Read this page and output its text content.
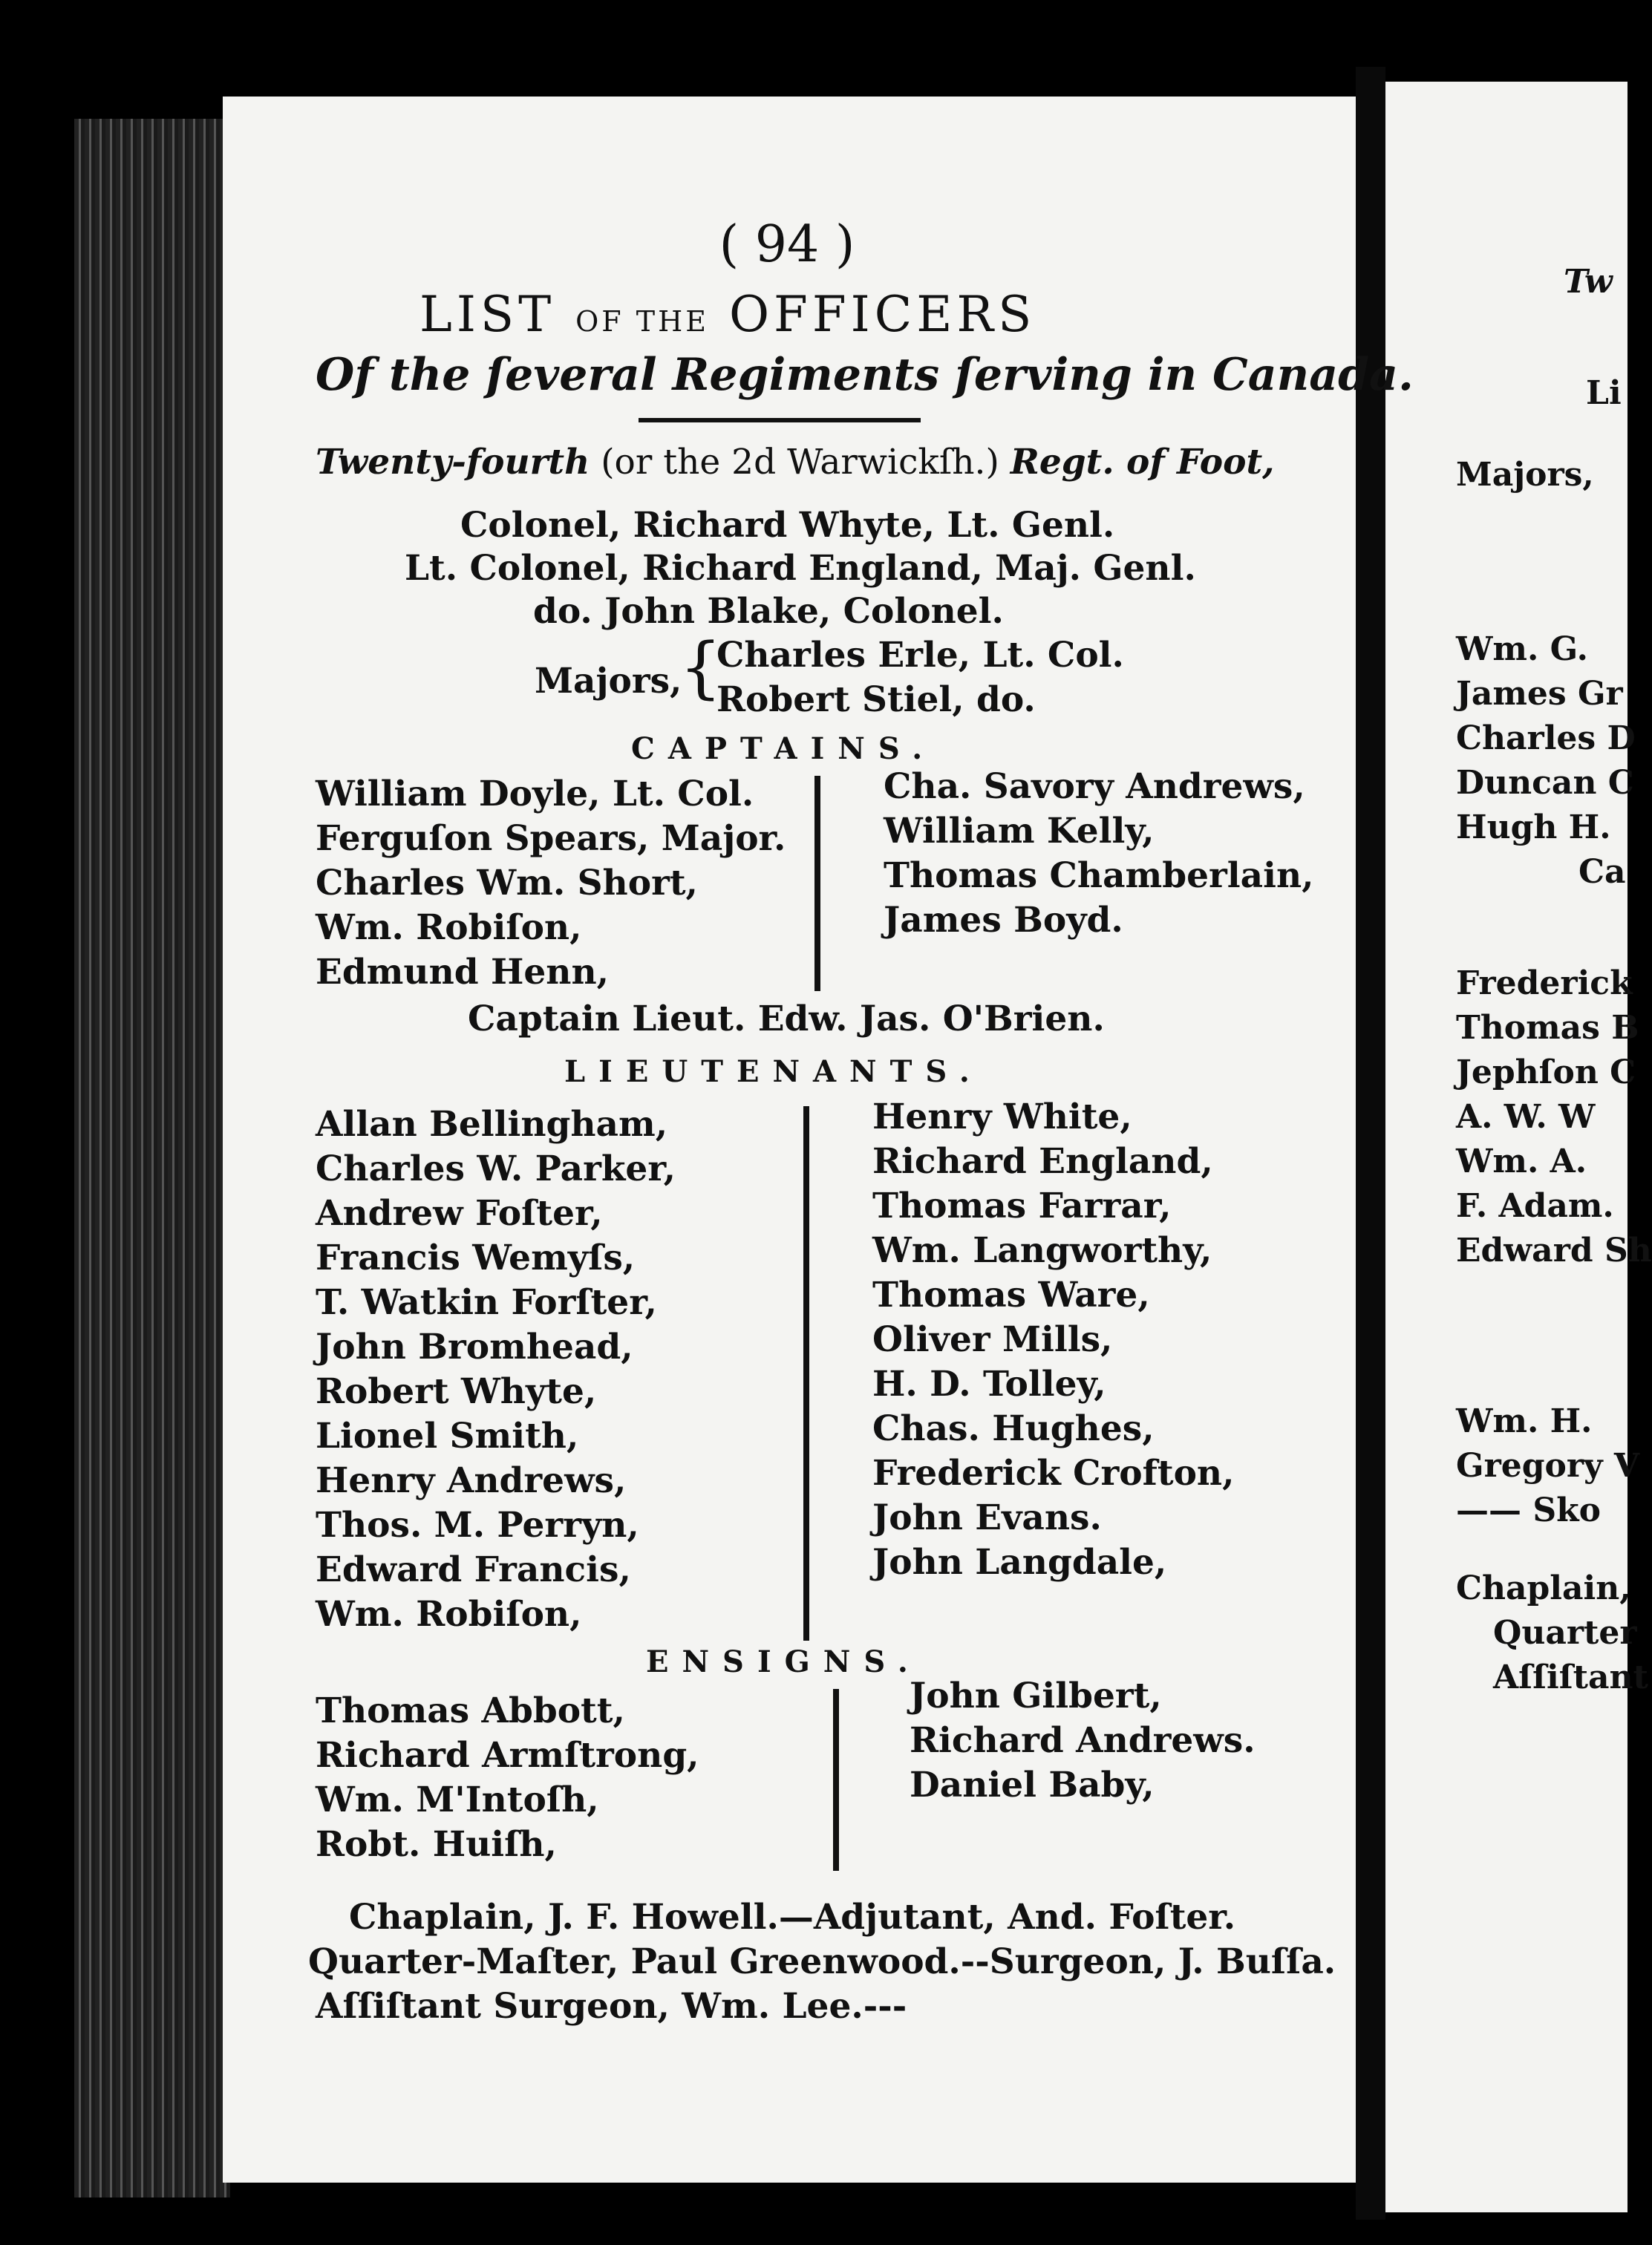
Tw
Li
Majors,
Wm. G.
James Gr
Charles D
Duncan C
Hugh H.
Ca
Frederick
Thomas B
Jephſon C
A. W. W
Wm. A.
F. Adam.
Edward Sh
Wm. H.
Gregory V
—— Sko
Chaplain,
Quarter
Aſſiſtant
( 94 )
LIST OF THE OFFICERS
Of the ſeveral Regiments ſerving in Canada.
Twenty-fourth (or the 2d Warwickſh.) Regt. of Foot,
Colonel, Richard Whyte, Lt. Genl.
Lt. Colonel, Richard England, Maj. Genl.
do. John Blake, Colonel.
Majors,
{
Charles Erle, Lt. Col.
Robert Stiel, do.
CAPTAINS.
William Doyle, Lt. Col.
Ferguſon Spears, Major.
Charles Wm. Short,
Wm. Robiſon,
Edmund Henn,
Cha. Savory Andrews,
William Kelly,
Thomas Chamberlain,
James Boyd.
Captain Lieut. Edw. Jas. O'Brien.
LIEUTENANTS.
Allan Bellingham,
Charles W. Parker,
Andrew Foſter,
Francis Wemyſs,
T. Watkin Forſter,
John Bromhead,
Robert Whyte,
Lionel Smith,
Henry Andrews,
Thos. M. Perryn,
Edward Francis,
Wm. Robiſon,
Henry White,
Richard England,
Thomas Farrar,
Wm. Langworthy,
Thomas Ware,
Oliver Mills,
H. D. Tolley,
Chas. Hughes,
Frederick Crofton,
John Evans.
John Langdale,
ENSIGNS.
Thomas Abbott,
Richard Armſtrong,
Wm. M'Intoſh,
Robt. Huiſh,
John Gilbert,
Richard Andrews.
Daniel Baby,
Chaplain, J. F. Howell.—Adjutant, And. Foſter.
Quarter-Maſter, Paul Greenwood.--Surgeon, J. Buſſa.
Aſſiſtant Surgeon, Wm. Lee.---
